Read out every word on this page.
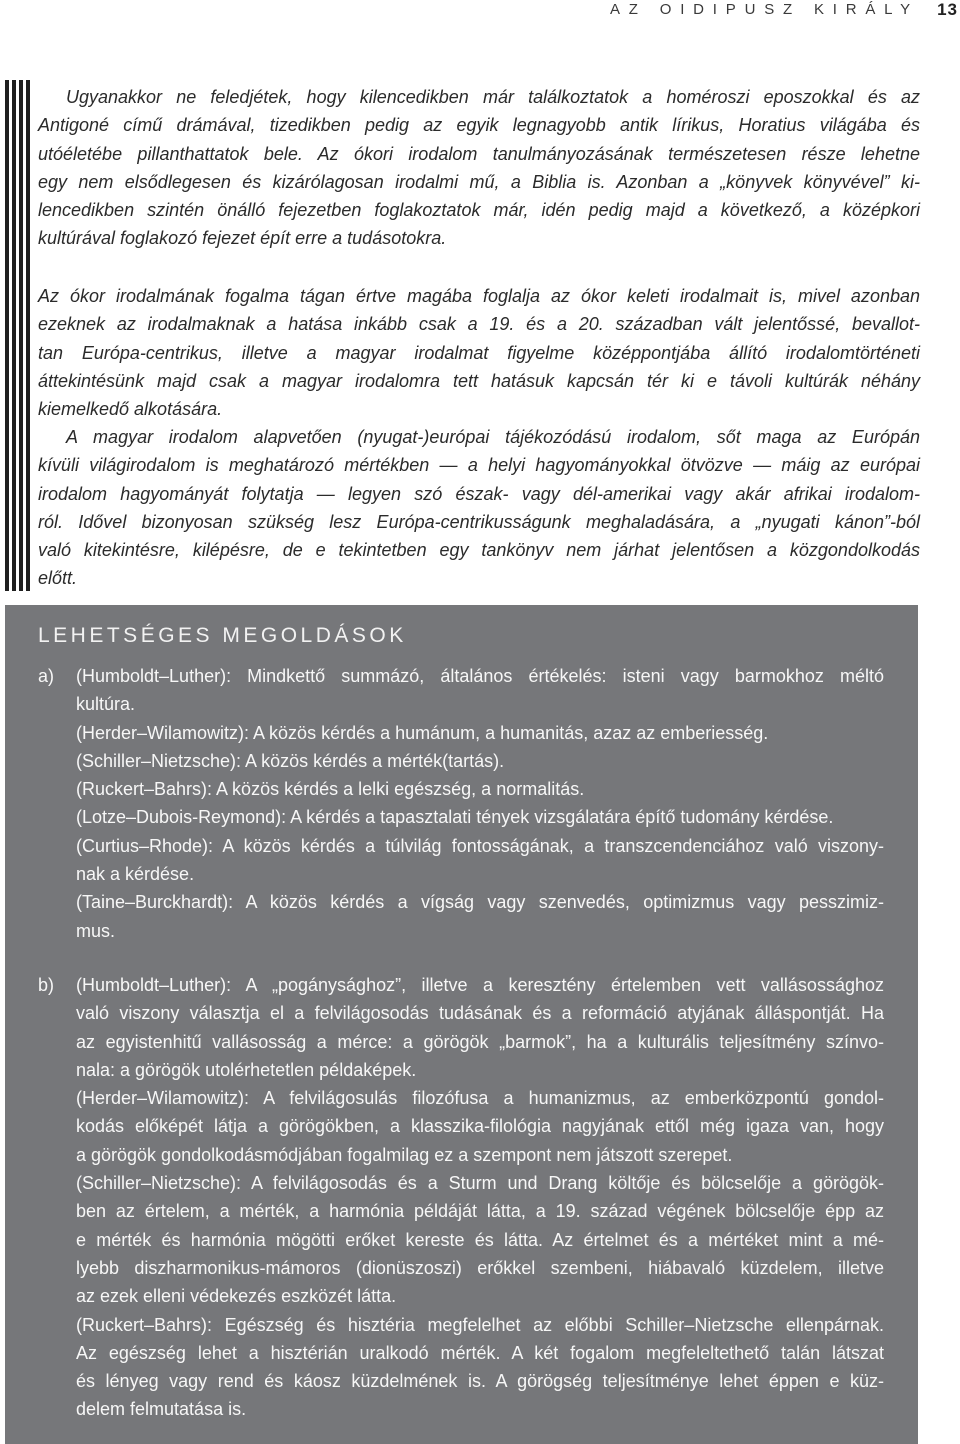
AZ OIDIPUSZ KIRÁLY 13
Ugyanakkor ne feledjétek, hogy kilencedikben már találkoztatok a homéroszi eposzokkal és az
Antigoné című drámával, tizedikben pedig az egyik legnagyobb antik lírikus, Horatius világába és
utóéletébe pillanthattatok bele. Az ókori irodalom tanulmányozásának természetesen része lehetne
egy nem elsődlegesen és kizárólagosan irodalmi mű, a Biblia is. Azonban a „könyvek könyvével” ki-
lencedikben szintén önálló fejezetben foglakoztatok már, idén pedig majd a következő, a középkori
kultúrával foglakozó fejezet épít erre a tudásotokra.
Az ókor irodalmának fogalma tágan értve magába foglalja az ókor keleti irodalmait is, mivel azonban
ezeknek az irodalmaknak a hatása inkább csak a 19. és a 20. században vált jelentőssé, bevallot-
tan Európa-centrikus, illetve a magyar irodalmat figyelme középpontjába állító irodalomtörténeti
áttekintésünk majd csak a magyar irodalomra tett hatásuk kapcsán tér ki e távoli kultúrák néhány
kiemelkedő alkotására.
A magyar irodalom alapvetően (nyugat-)európai tájékozódású irodalom, sőt maga az Európán
kívüli világirodalom is meghatározó mértékben — a helyi hagyományokkal ötvözve — máig az európai
irodalom hagyományát folytatja — legyen szó észak- vagy dél-amerikai vagy akár afrikai irodalom-
ról. Idővel bizonyosan szükség lesz Európa-centrikusságunk meghaladására, a „nyugati kánon”-ból
való kitekintésre, kilépésre, de e tekintetben egy tankönyv nem járhat jelentősen a közgondolkodás
előtt.
LEHETSÉGES MEGOLDÁSOK
a) (Humboldt–Luther): Mindkettő summázó, általános értékelés: isteni vagy barmokhoz méltó
kultúra.
(Herder–Wilamowitz): A közös kérdés a humánum, a humanitás, azaz az emberiesség.
(Schiller–Nietzsche): A közös kérdés a mérték(tartás).
(Ruckert–Bahrs): A közös kérdés a lelki egészség, a normalitás.
(Lotze–Dubois-Reymond): A kérdés a tapasztalati tények vizsgálatára építő tudomány kérdése.
(Curtius–Rhode): A közös kérdés a túlvilág fontosságának, a transzcendenciához való viszony-
nak a kérdése.
(Taine–Burckhardt): A közös kérdés a vígság vagy szenvedés, optimizmus vagy pesszimiz-
mus.
b) (Humboldt–Luther): A „pogánysághoz”, illetve a keresztény értelemben vett vallásossághoz
való viszony választja el a felvilágosodás tudásának és a reformáció atyjának álláspontját. Ha
az egyistenhitű vallásosság a mérce: a görögök „barmok”, ha a kulturális teljesítmény színvo-
nala: a görögök utolérhetetlen példaképek.
(Herder–Wilamowitz): A felvilágosulás filozófusa a humanizmus, az emberközpontú gondol-
kodás előképét látja a görögökben, a klasszika-filológia nagyjának ettől még igaza van, hogy
a görögök gondolkodásmódjában fogalmilag ez a szempont nem játszott szerepet.
(Schiller–Nietzsche): A felvilágosodás és a Sturm und Drang költője és bölcselője a görögök-
ben az értelem, a mérték, a harmónia példáját látta, a 19. század végének bölcselője épp az
e mérték és harmónia mögötti erőket kereste és látta. Az értelmet és a mértéket mint a mé-
lyebb diszharmonikus-mámoros (dionüszoszi) erőkkel szembeni, hiábavaló küzdelem, illetve
az ezek elleni védekezés eszközét látta.
(Ruckert–Bahrs): Egészség és hisztéria megfelelhet az előbbi Schiller–Nietzsche ellenpárnak.
Az egészség lehet a hisztérián uralkodó mérték. A két fogalom megfeleltethető talán látszat
és lényeg vagy rend és káosz küzdelmének is. A görögség teljesítménye lehet éppen e küz-
delem felmutatása is.
